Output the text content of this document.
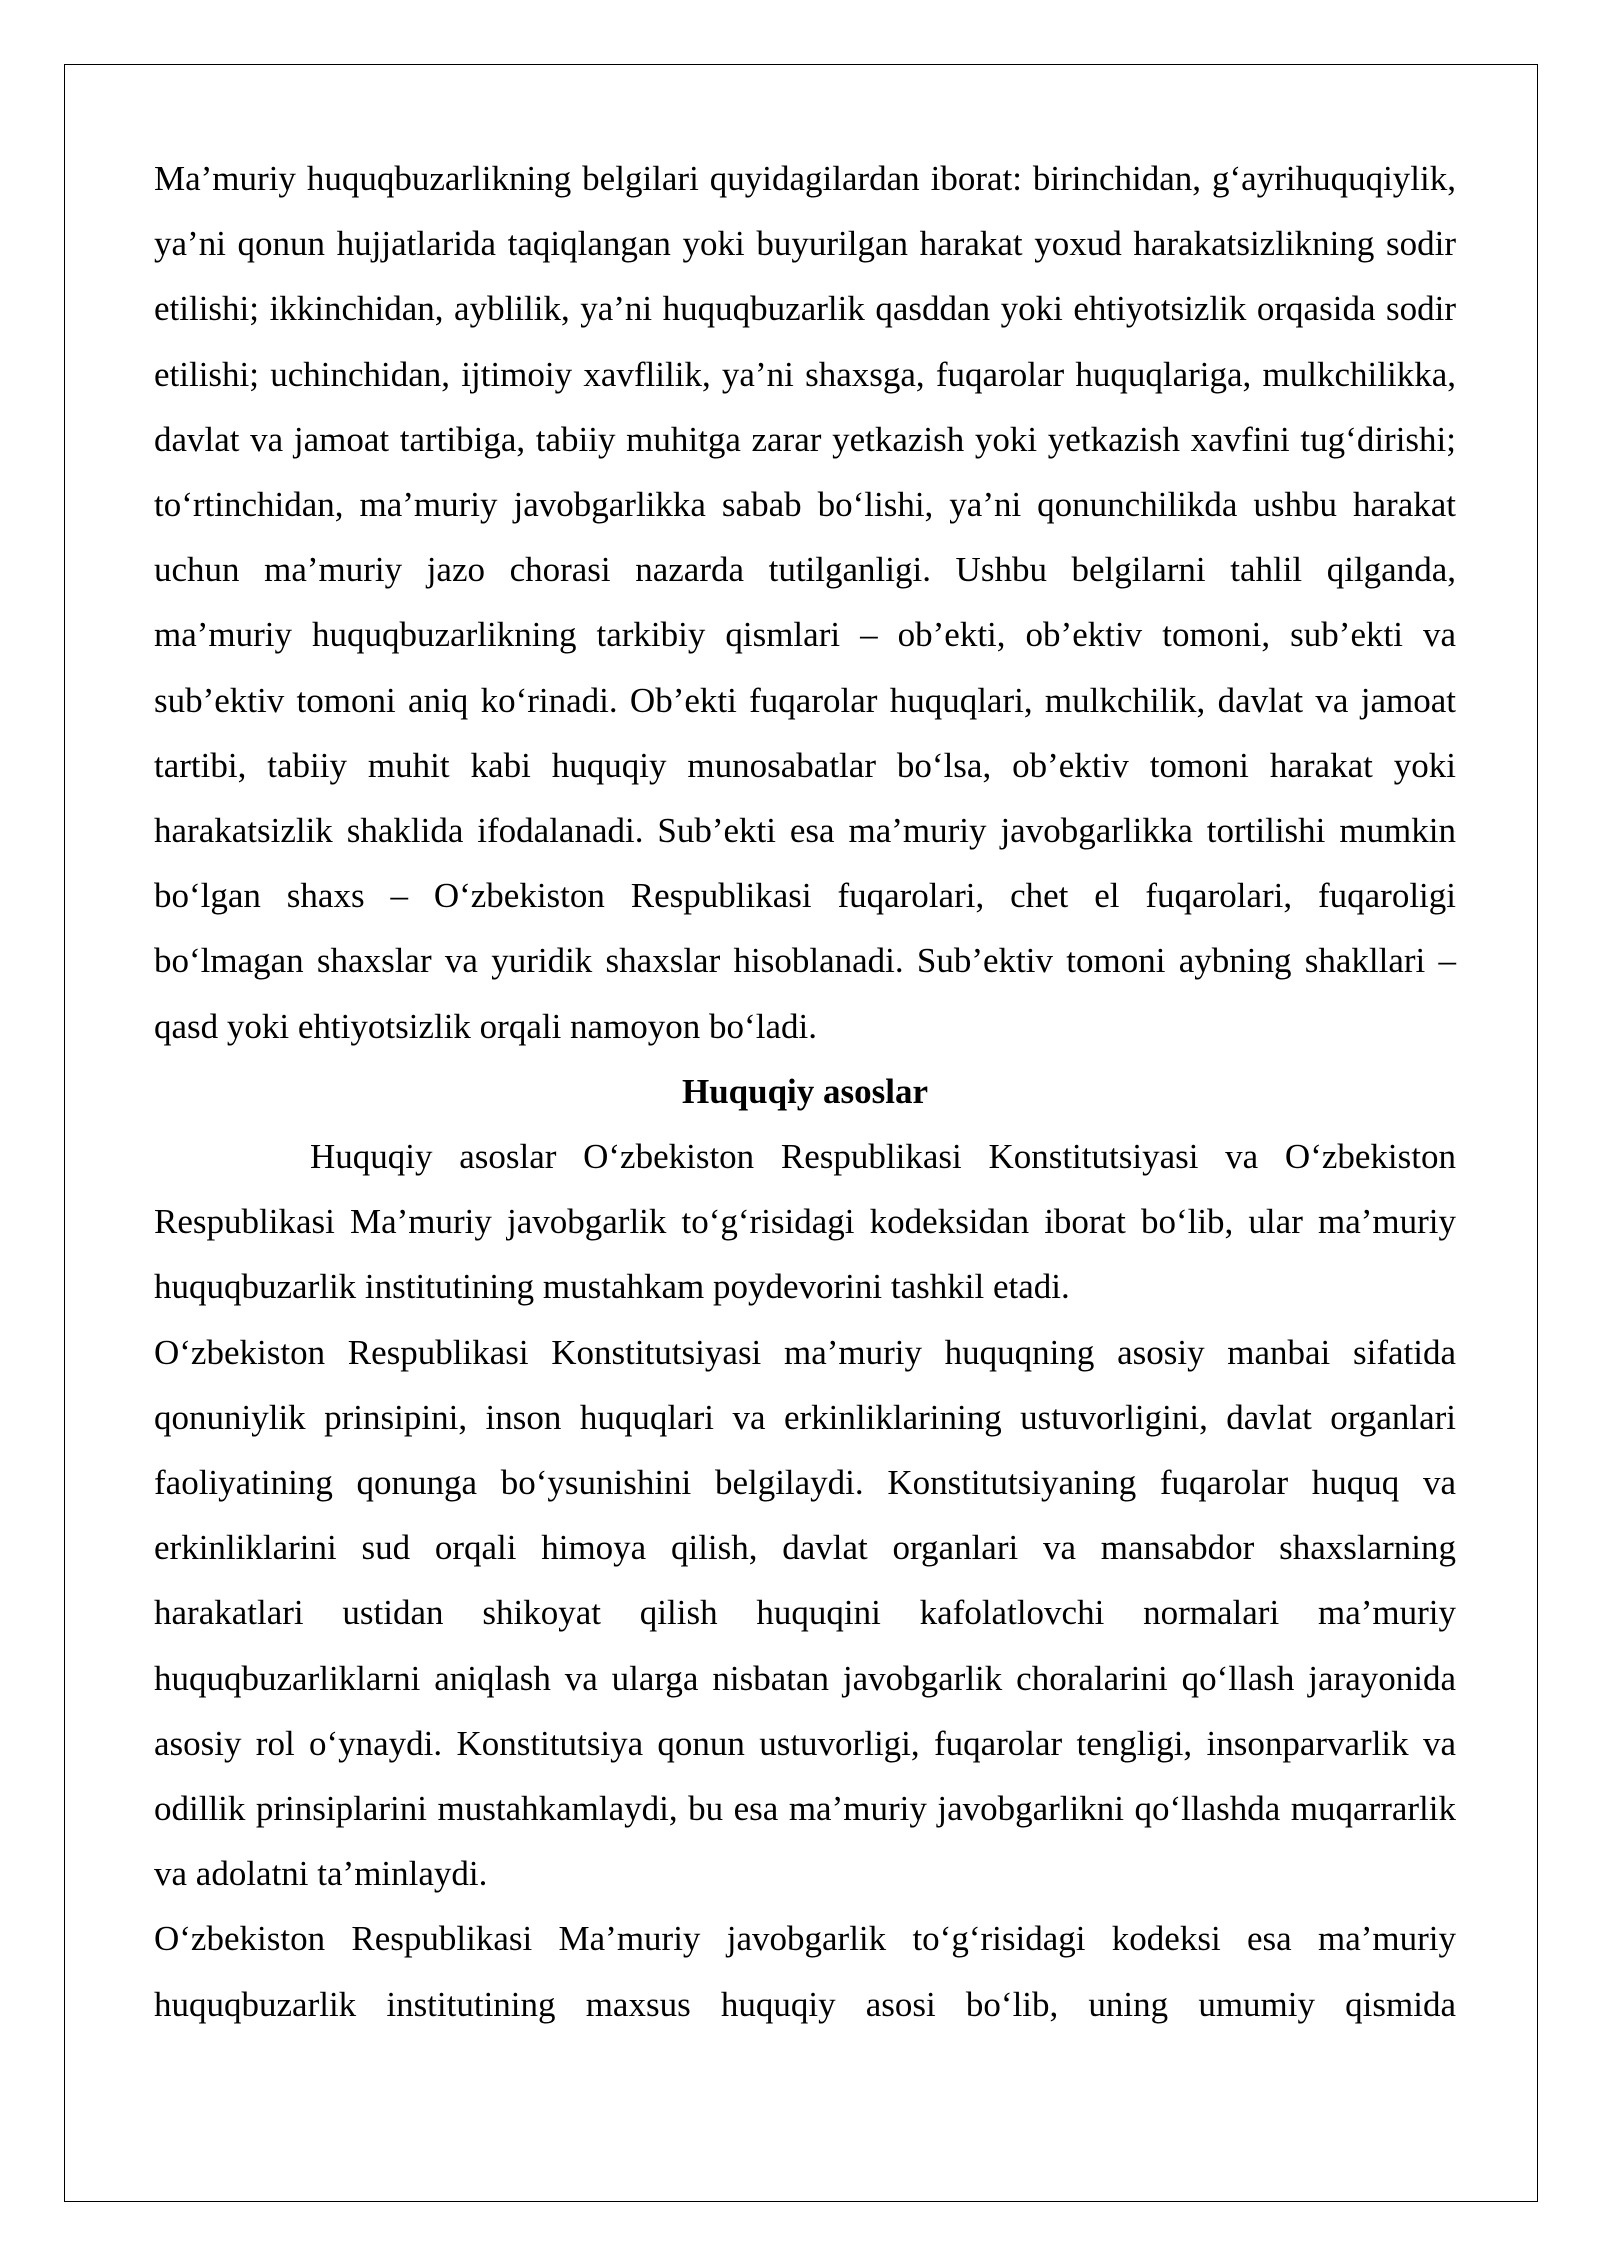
Ma’muriy huquqbuzarlikning belgilari quyidagilardan iborat: birinchidan, g‘ayrihuquqiylik, ya’ni qonun hujjatlarida taqiqlangan yoki buyurilgan harakat yoxud harakatsizlikning sodir etilishi; ikkinchidan, ayblilik, ya’ni huquqbuzarlik qasddan yoki ehtiyotsizlik orqasida sodir etilishi; uchinchidan, ijtimoiy xavflilik, ya’ni shaxsga, fuqarolar huquqlariga, mulkchilikka, davlat va jamoat tartibiga, tabiiy muhitga zarar yetkazish yoki yetkazish xavfini tug‘dirishi; to‘rtinchidan, ma’muriy javobgarlikka sabab bo‘lishi, ya’ni qonunchilikda ushbu harakat uchun ma’muriy jazo chorasi nazarda tutilganligi. Ushbu belgilarni tahlil qilganda, ma’muriy huquqbuzarlikning tarkibiy qismlari – ob’ekti, ob’ektiv tomoni, sub’ekti va sub’ektiv tomoni aniq ko‘rinadi. Ob’ekti fuqarolar huquqlari, mulkchilik, davlat va jamoat tartibi, tabiiy muhit kabi huquqiy munosabatlar bo‘lsa, ob’ektiv tomoni harakat yoki harakatsizlik shaklida ifodalanadi. Sub’ekti esa ma’muriy javobgarlikka tortilishi mumkin bo‘lgan shaxs – O‘zbekiston Respublikasi fuqarolari, chet el fuqarolari, fuqaroligi bo‘lmagan shaxslar va yuridik shaxslar hisoblanadi. Sub’ektiv tomoni aybning shakllari – qasd yoki ehtiyotsizlik orqali namoyon bo‘ladi.

Huquqiy asoslar

Huquqiy asoslar O‘zbekiston Respublikasi Konstitutsiyasi va O‘zbekiston Respublikasi Ma’muriy javobgarlik to‘g‘risidagi kodeksidan iborat bo‘lib, ular ma’muriy huquqbuzarlik institutining mustahkam poydevorini tashkil etadi.

O‘zbekiston Respublikasi Konstitutsiyasi ma’muriy huquqning asosiy manbai sifatida qonuniylik prinsipini, inson huquqlari va erkinliklarining ustuvorligini, davlat organlari faoliyatining qonunga bo‘ysunishini belgilaydi. Konstitutsiyaning fuqarolar huquq va erkinliklarini sud orqali himoya qilish, davlat organlari va mansabdor shaxslarning harakatlari ustidan shikoyat qilish huquqini kafolatlovchi normalari ma’muriy huquqbuzarliklarni aniqlash va ularga nisbatan javobgarlik choralarini qo‘llash jarayonida asosiy rol o‘ynaydi. Konstitutsiya qonun ustuvorligi, fuqarolar tengligi, insonparvarlik va odillik prinsiplarini mustahkamlaydi, bu esa ma’muriy javobgarlikni qo‘llashda muqarrarlik va adolatni ta’minlaydi.

O‘zbekiston Respublikasi Ma’muriy javobgarlik to‘g‘risidagi kodeksi esa ma’muriy huquqbuzarlik institutining maxsus huquqiy asosi bo‘lib, uning umumiy qismida
